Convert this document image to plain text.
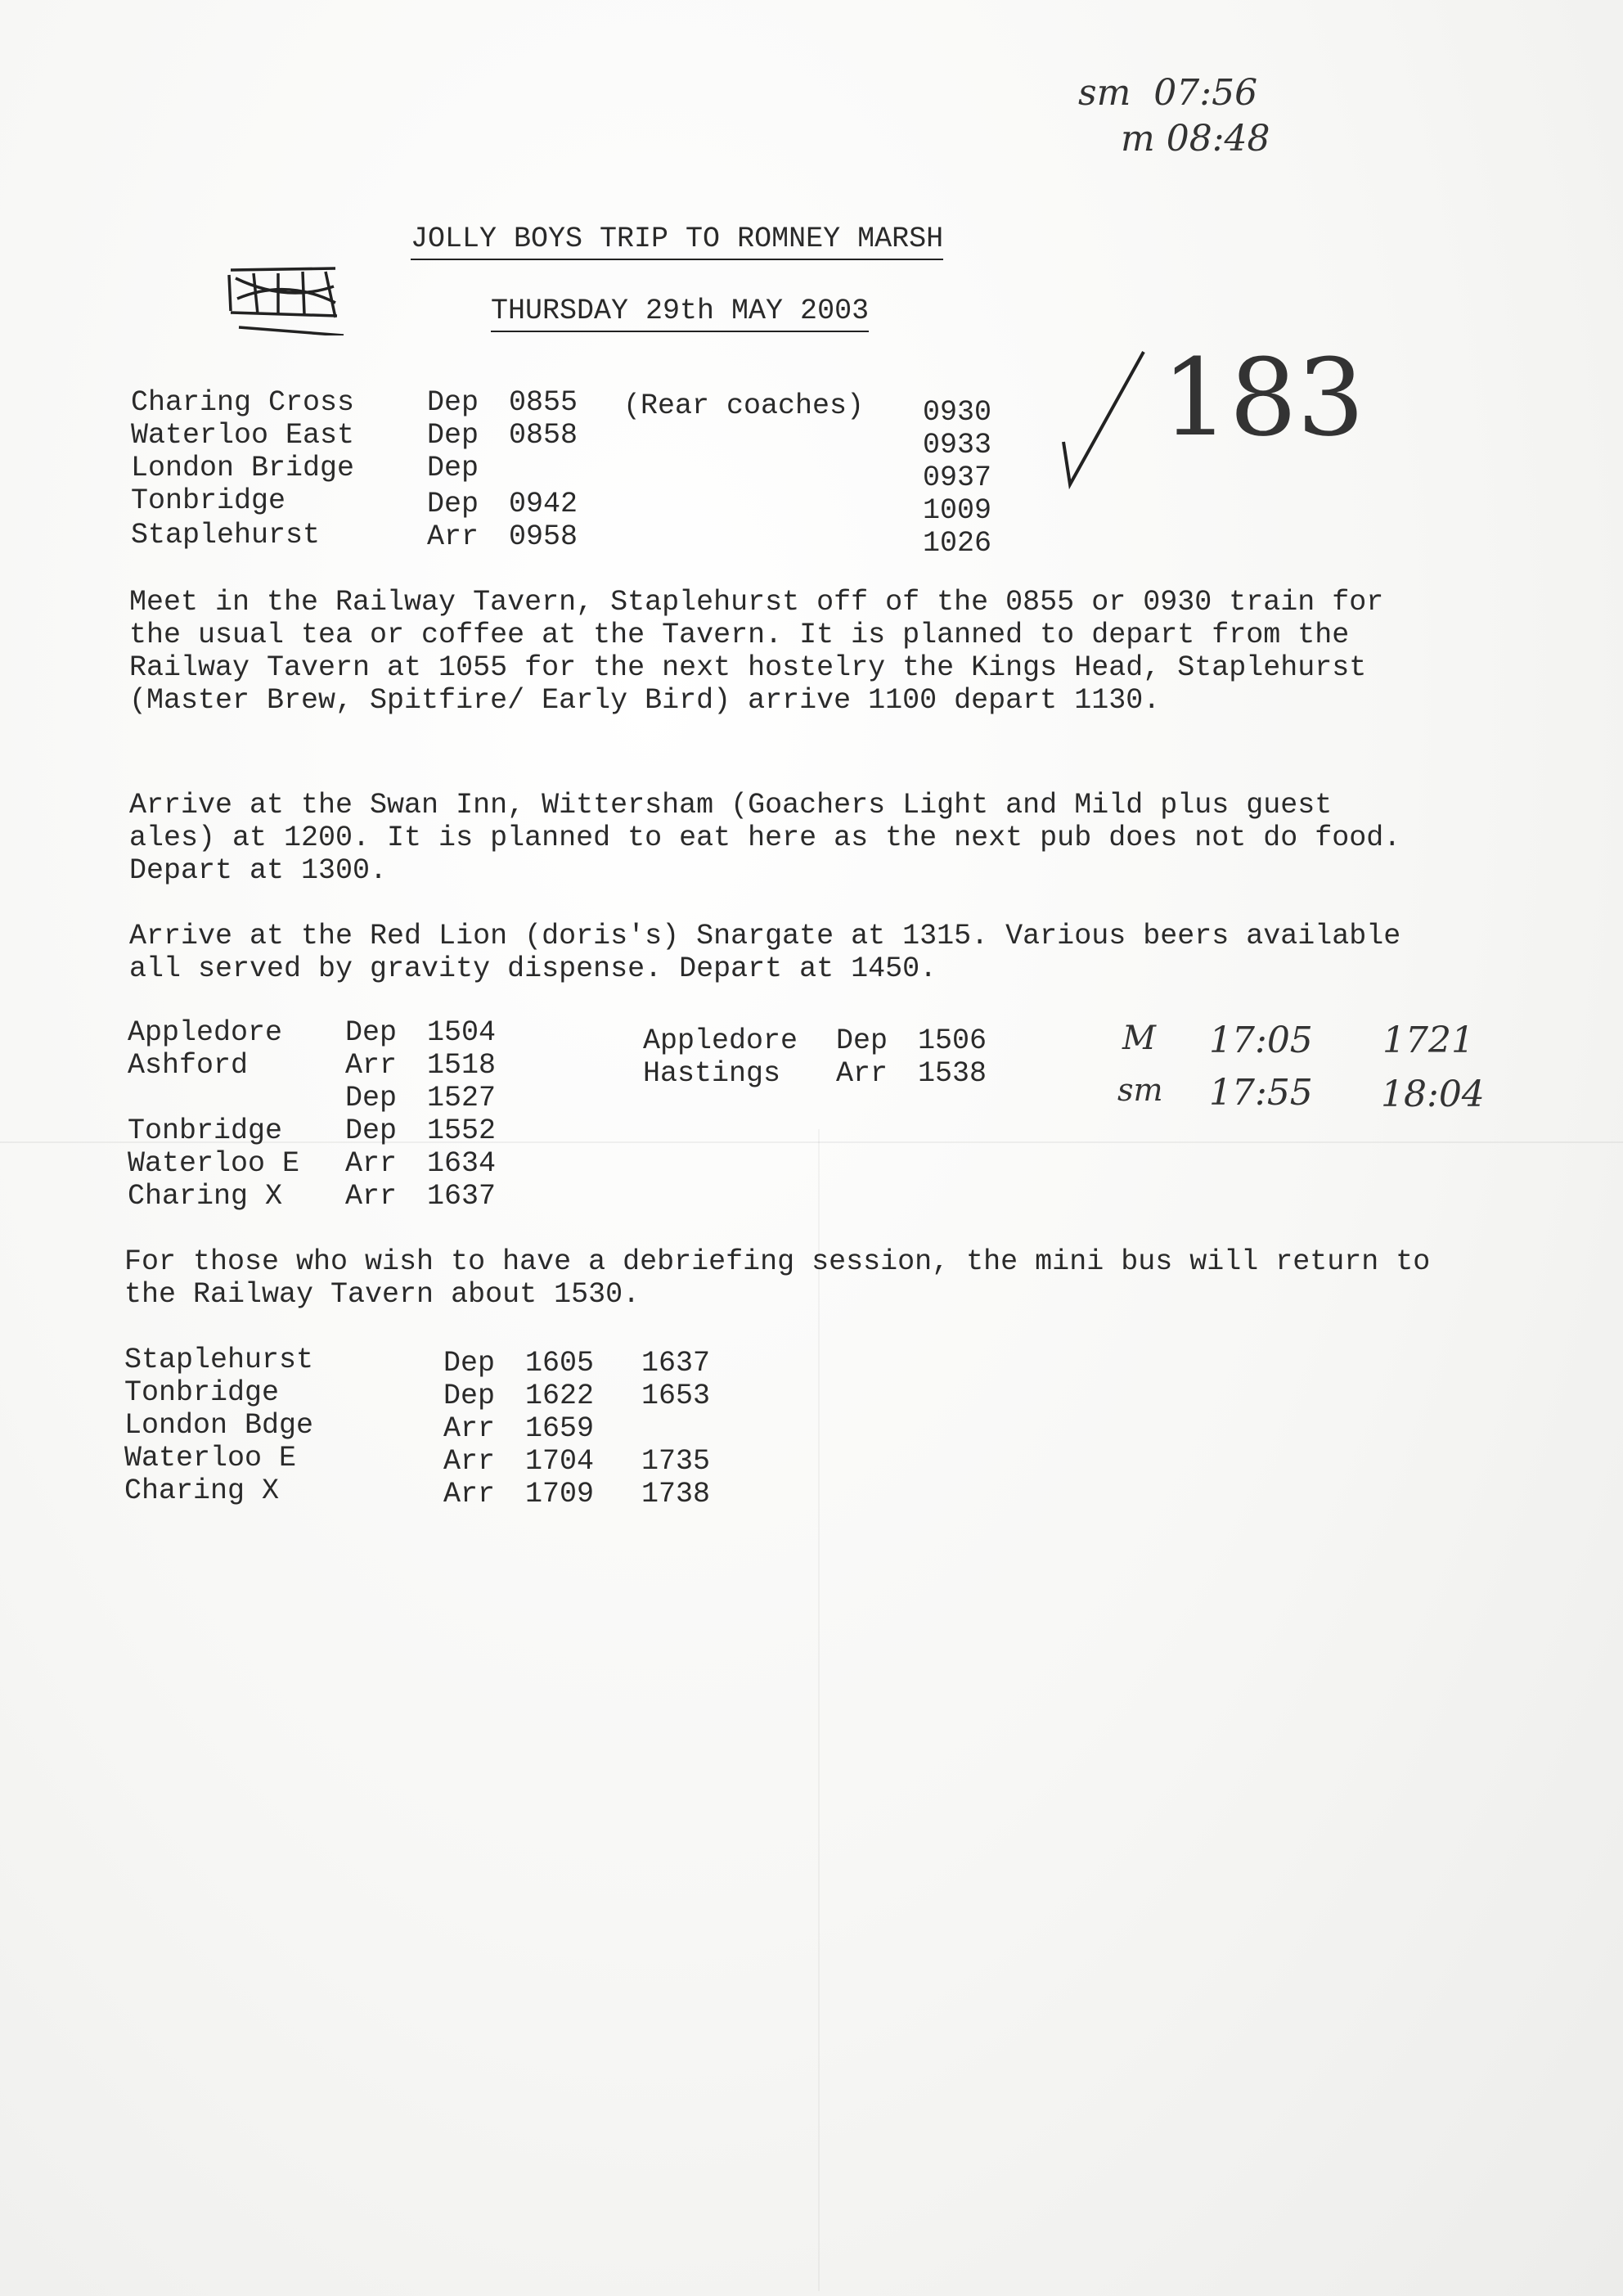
sm  07:56
m 08:48
JOLLY BOYS TRIP TO ROMNEY MARSH
THURSDAY 29th MAY 2003
183
Charing Cross	Dep 0855 (Rear coaches) 0930
Waterloo East	Dep 0858	0933
London Bridge	Dep	0937
Tonbridge	Dep 0942	1009
Staplehurst	Arr 0958	1026
Meet in the Railway Tavern, Staplehurst off of the 0855 or 0930 train for the usual tea or coffee at the Tavern. It is planned to depart from the Railway Tavern at 1055 for the next hostelry the Kings Head, Staplehurst (Master Brew, Spitfire/ Early Bird) arrive 1100 depart 1130.
Arrive at the Swan Inn, Wittersham (Goachers Light and Mild plus guest ales) at 1200. It is planned to eat here as the next pub does not do food. Depart at 1300.
Arrive at the Red Lion (doris's) Snargate at 1315. Various beers available all served by gravity dispense. Depart at 1450.
Appledore Dep 1504
Ashford	Arr 1518
Dep 1527
Tonbridge Dep 1552
Waterloo E Arr 1634
Charing X Arr 1637
Appledore Dep 1506
Hastings Arr 1538
M 17:05 1721
sm 17:55 18:04
For those who wish to have a debriefing session, the mini bus will return to the Railway Tavern about 1530.
Staplehurst	Dep 1605 1637
Tonbridge	Dep 1622 1653
London Bdge	Arr 1659
Waterloo E	Arr 1704 1735
Charing X	Arr 1709 1738
